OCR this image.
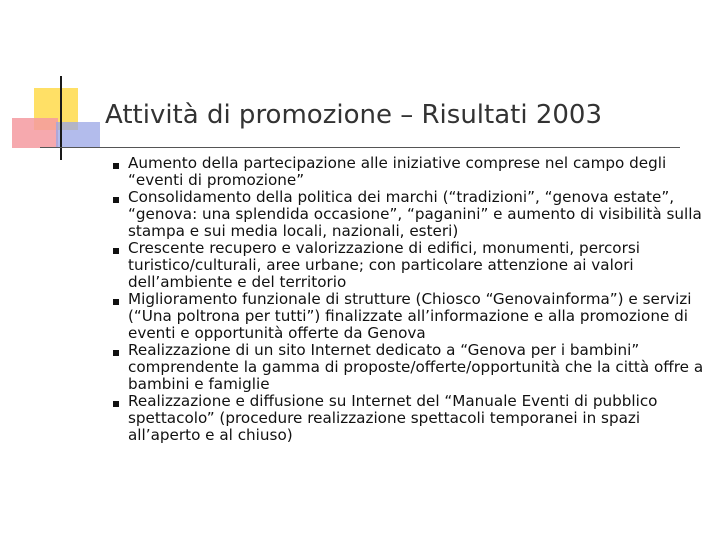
Attività di promozione – Risultati 2003
Aumento della partecipazione alle iniziative comprese nel campo degli “eventi di promozione”
Consolidamento della politica dei marchi (“tradizioni”, “genova estate”, “genova: una splendida occasione”, “paganini” e aumento di visibilità sulla stampa e sui media locali, nazionali, esteri)
Crescente recupero e valorizzazione di edifici, monumenti, percorsi turistico/culturali, aree urbane; con particolare attenzione ai valori dell’ambiente e del territorio
Miglioramento funzionale di strutture (Chiosco “Genovainforma”) e servizi (“Una poltrona per tutti”) finalizzate all’informazione e alla promozione di eventi e opportunità offerte da Genova
Realizzazione di un sito Internet dedicato a “Genova per i bambini” comprendente la gamma di proposte/offerte/opportunità che la città offre a bambini e famiglie
Realizzazione e diffusione su Internet del “Manuale Eventi di pubblico spettacolo” (procedure realizzazione spettacoli temporanei in spazi all’aperto e al chiuso)
